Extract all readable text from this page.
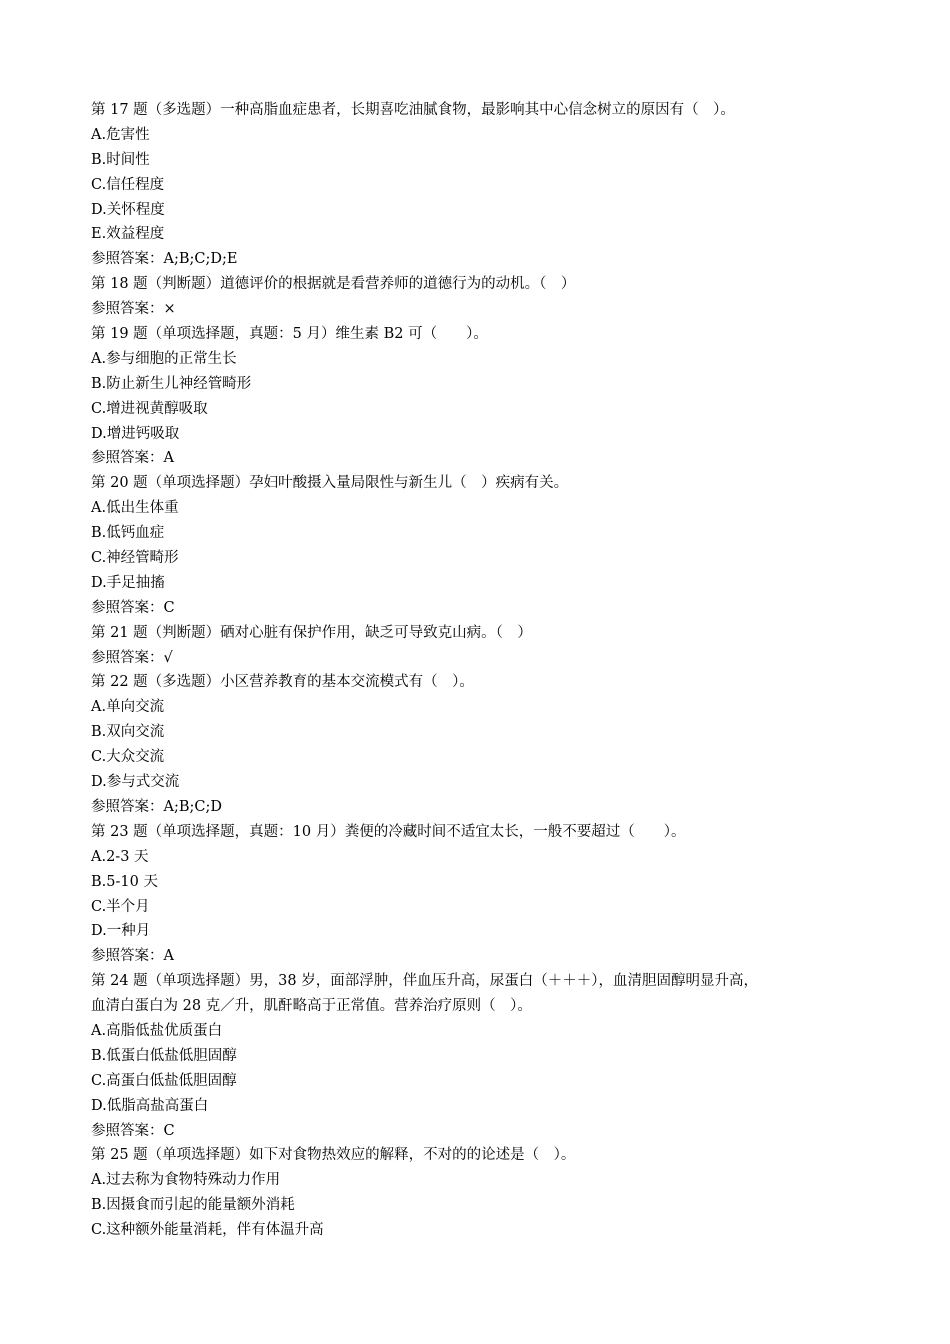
第 17 题（多选题）一种高脂血症患者，长期喜吃油腻食物，最影响其中心信念树立的原因有（　）。
A.危害性
B.时间性
C.信任程度
D.关怀程度
E.效益程度
参照答案：A;B;C;D;E
第 18 题（判断题）道德评价的根据就是看营养师的道德行为的动机。（　）
参照答案：×
第 19 题（单项选择题，真题：5 月）维生素 B2 可（　　）。
A.参与细胞的正常生长
B.防止新生儿神经管畸形
C.增进视黄醇吸取
D.增进钙吸取
参照答案：A
第 20 题（单项选择题）孕妇叶酸摄入量局限性与新生儿（　）疾病有关。
A.低出生体重
B.低钙血症
C.神经管畸形
D.手足抽搐
参照答案：C
第 21 题（判断题）硒对心脏有保护作用，缺乏可导致克山病。（　）
参照答案：√
第 22 题（多选题）小区营养教育的基本交流模式有（　）。
A.单向交流
B.双向交流
C.大众交流
D.参与式交流
参照答案：A;B;C;D
第 23 题（单项选择题，真题：10 月）粪便的冷藏时间不适宜太长，一般不要超过（　　）。
A.2-3 天
B.5-10 天
C.半个月
D.一种月
参照答案：A
第 24 题（单项选择题）男，38 岁，面部浮肿，伴血压升高，尿蛋白（＋＋＋），血清胆固醇明显升高，
血清白蛋白为 28 克／升，肌酐略高于正常值。营养治疗原则（　）。
A.高脂低盐优质蛋白
B.低蛋白低盐低胆固醇
C.高蛋白低盐低胆固醇
D.低脂高盐高蛋白
参照答案：C
第 25 题（单项选择题）如下对食物热效应的解释，不对的的论述是（　）。
A.过去称为食物特殊动力作用
B.因摄食而引起的能量额外消耗
C.这种额外能量消耗，伴有体温升高
